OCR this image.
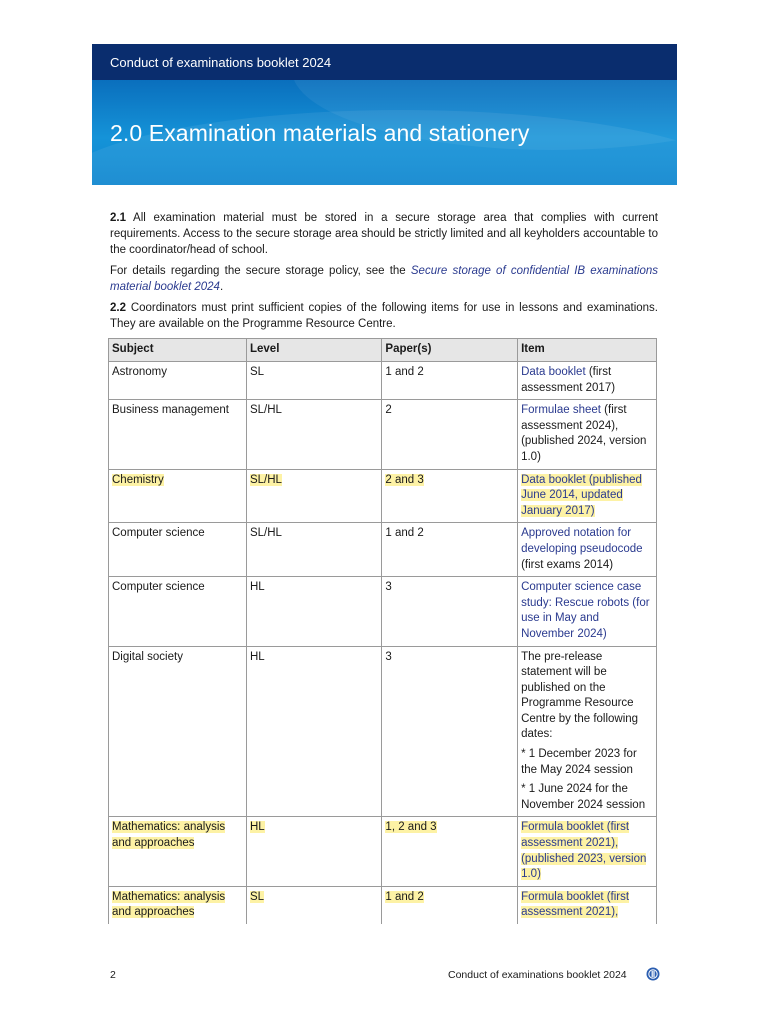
Conduct of examinations booklet 2024
2.0 Examination materials and stationery

2.1 All examination material must be stored in a secure storage area that complies with current requirements. Access to the secure storage area should be strictly limited and all keyholders accountable to the coordinator/head of school.

For details regarding the secure storage policy, see the Secure storage of confidential IB examinations material booklet 2024.

2.2 Coordinators must print sufficient copies of the following items for use in lessons and examinations. They are available on the Programme Resource Centre.

Subject	Level	Paper(s)	Item
Astronomy	SL	1 and 2	Data booklet (first assessment 2017)
Business management	SL/HL	2	Formulae sheet (first assessment 2024), (published 2024, version 1.0)
Chemistry	SL/HL	2 and 3	Data booklet (published June 2014, updated January 2017)
Computer science	SL/HL	1 and 2	Approved notation for developing pseudocode (first exams 2014)
Computer science	HL	3	Computer science case study: Rescue robots (for use in May and November 2024)
Digital society	HL	3	The pre-release statement will be published on the Programme Resource Centre by the following dates:

* 1 December 2023 for the May 2024 session

* 1 June 2024 for the November 2024 session

Mathematics: analysis and approaches	HL	1, 2 and 3	Formula booklet (first assessment 2021), (published 2023, version 1.0)
Mathematics: analysis and approaches	SL	1 and 2	Formula booklet (first assessment 2021),
2	Conduct of examinations booklet 2024
